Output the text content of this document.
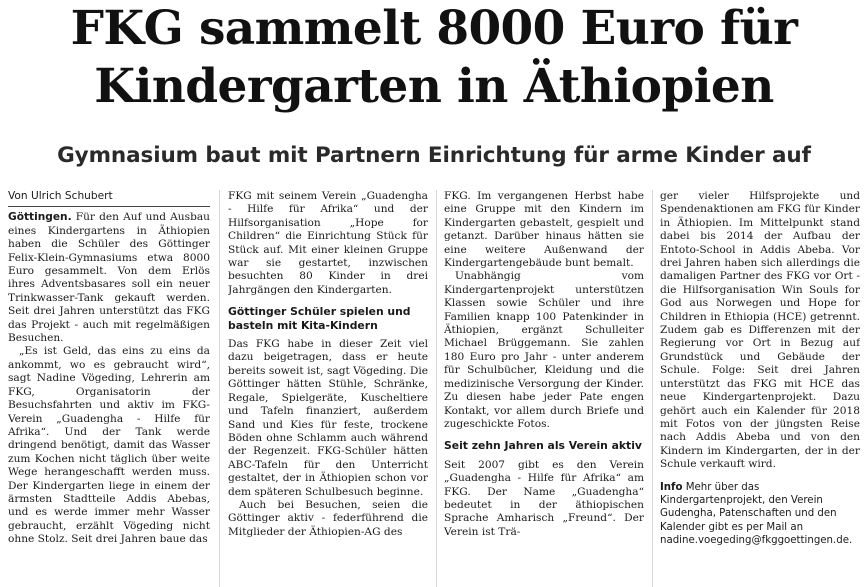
FKG sammelt 8000 Euro für
Kindergarten in Äthiopien
Gymnasium baut mit Partnern Einrichtung für arme Kinder auf
Von Ulrich Schubert

Göttingen. Für den Auf und Ausbau eines Kindergartens in Äthiopien haben die Schüler des Göttinger Felix-Klein-Gymnasiums etwa 8000 Euro gesammelt. Von dem Erlös ihres Adventsbasares soll ein neuer Trinkwasser-Tank gekauft werden. Seit drei Jahren unterstützt das FKG das Projekt - auch mit regelmäßigen Besuchen.

„Es ist Geld, das eins zu eins da ankommt, wo es gebraucht wird“, sagt Nadine Vögeding, Lehrerin am FKG, Organisatorin der Besuchsfahrten und aktiv im FKG-Verein „Guadengha - Hilfe für Afrika“. Und der Tank werde dringend benötigt, damit das Wasser zum Kochen nicht täglich über weite Wege herangeschafft werden muss. Der Kindergarten liege in einem der ärmsten Stadtteile Addis Abebas, und es werde immer mehr Wasser gebraucht, erzählt Vögeding nicht ohne Stolz. Seit drei Jahren baue das

FKG mit seinem Verein „Guadengha - Hilfe für Afrika“ und der Hilfsorganisation „Hope for Children“ die Einrichtung Stück für Stück auf. Mit einer kleinen Gruppe war sie gestartet, inzwischen besuchten 80 Kinder in drei Jahrgängen den Kindergarten.

Göttinger Schüler spielen und basteln mit Kita-Kindern

Das FKG habe in dieser Zeit viel dazu beigetragen, dass er heute bereits soweit ist, sagt Vögeding. Die Göttinger hätten Stühle, Schränke, Regale, Spielgeräte, Kuscheltiere und Tafeln finanziert, außerdem Sand und Kies für feste, trockene Böden ohne Schlamm auch während der Regenzeit. FKG-Schüler hätten ABC-Tafeln für den Unterricht gestaltet, der in Äthiopien schon vor dem späteren Schulbesuch beginne.

Auch bei Besuchen, seien die Göttinger aktiv - federführend die Mitglieder der Äthiopien-AG des

FKG. Im vergangenen Herbst habe eine Gruppe mit den Kindern im Kindergarten gebastelt, gespielt und getanzt. Darüber hinaus hätten sie eine weitere Außenwand der Kindergartengebäude bunt bemalt.

Unabhängig vom Kindergartenprojekt unterstützen Klassen sowie Schüler und ihre Familien knapp 100 Patenkinder in Äthiopien, ergänzt Schulleiter Michael Brüggemann. Sie zahlen 180 Euro pro Jahr - unter anderem für Schulbücher, Kleidung und die medizinische Versorgung der Kinder. Zu diesen habe jeder Pate engen Kontakt, vor allem durch Briefe und zugeschickte Fotos.

Seit zehn Jahren als Verein aktiv

Seit 2007 gibt es den Verein „Guadengha - Hilfe für Afrika“ am FKG. Der Name „Guadengha“ bedeutet in der äthiopischen Sprache Amharisch „Freund“. Der Verein ist Trä-

ger vieler Hilfsprojekte und Spendenaktionen am FKG für Kinder in Äthiopien. Im Mittelpunkt stand dabei bis 2014 der Aufbau der Entoto-School in Addis Abeba. Vor drei Jahren haben sich allerdings die damaligen Partner des FKG vor Ort - die Hilfsorganisation Win Souls for God aus Norwegen und Hope for Children in Ethiopia (HCE) getrennt. Zudem gab es Differenzen mit der Regierung vor Ort in Bezug auf Grundstück und Gebäude der Schule. Folge: Seit drei Jahren unterstützt das FKG mit HCE das neue Kindergartenprojekt. Dazu gehört auch ein Kalender für 2018 mit Fotos von der jüngsten Reise nach Addis Abeba und von den Kindern im Kindergarten, der in der Schule verkauft wird.

Info Mehr über das Kindergartenprojekt, den Verein Gudengha, Patenschaften und den Kalender gibt es per Mail an nadine.voegeding@fkggoettingen.de.
